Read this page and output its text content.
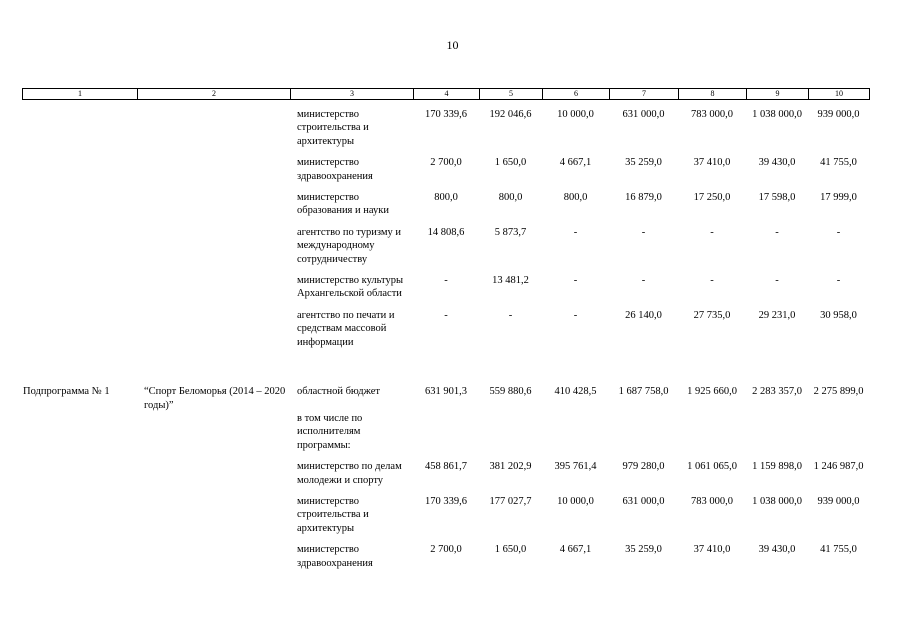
10
1	2	3	4	5	6	7	8	9	10
		министерство строительства и архитектуры	170 339,6	192 046,6	10 000,0	631 000,0	783 000,0	1 038 000,0	939 000,0
		министерство здравоохранения	2 700,0	1 650,0	4 667,1	35 259,0	37 410,0	39 430,0	41 755,0
		министерство образования и науки	800,0	800,0	800,0	16 879,0	17 250,0	17 598,0	17 999,0
		агентство по туризму и международному сотрудничеству	14 808,6	5 873,7	-	-	-	-	-
		министерство культуры Архангельской области	-	13 481,2	-	-	-	-	-
		агентство по печати и средствам массовой информации	-	-	-	26 140,0	27 735,0	29 231,0	30 958,0

Подпрограмма № 1	“Спорт Беломорья (2014 – 2020 годы)”	областной бюджет	631 901,3	559 880,6	410 428,5	1 687 758,0	1 925 660,0	2 283 357,0	2 275 899,0
		в том числе по исполнителям программы:							
		министерство по делам молодежи и спорту	458 861,7	381 202,9	395 761,4	979 280,0	1 061 065,0	1 159 898,0	1 246 987,0
		министерство строительства и архитектуры	170 339,6	177 027,7	10 000,0	631 000,0	783 000,0	1 038 000,0	939 000,0
		министерство здравоохранения	2 700,0	1 650,0	4 667,1	35 259,0	37 410,0	39 430,0	41 755,0
